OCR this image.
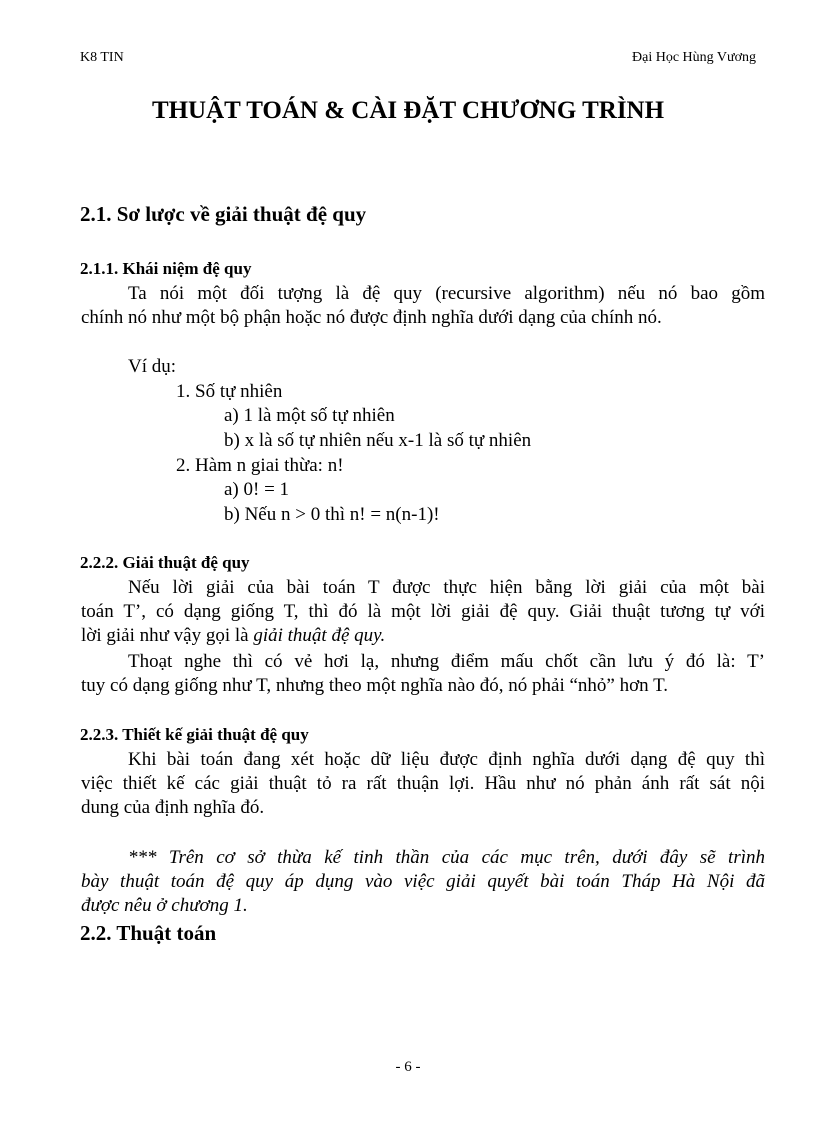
K8 TIN	Đại Học Hùng Vương
THUẬT TOÁN & CÀI ĐẶT CHƯƠNG TRÌNH
2.1. Sơ lược về giải thuật đệ quy
2.1.1. Khái niệm đệ quy
Ta nói một đối tượng là đệ quy (recursive algorithm) nếu nó bao gồm
chính nó như một bộ phận hoặc nó được định nghĩa dưới dạng của chính nó.
Ví dụ:
1. Số tự nhiên
a) 1 là một số tự nhiên
b) x là số tự nhiên nếu x-1 là số tự nhiên
2. Hàm n giai thừa: n!
a) 0! = 1
b) Nếu n > 0 thì n! = n(n-1)!
2.2.2. Giải thuật đệ quy
Nếu lời giải của bài toán T được thực hiện bằng lời giải của một bài
toán T’, có dạng giống T, thì đó là một lời giải đệ quy. Giải thuật tương tự với
lời giải như vậy gọi là giải thuật đệ quy.
Thoạt nghe thì có vẻ hơi lạ, nhưng điểm mấu chốt cần lưu ý đó là: T’
tuy có dạng giống như T, nhưng theo một nghĩa nào đó, nó phải “nhỏ” hơn T.
2.2.3. Thiết kế giải thuật đệ quy
Khi bài toán đang xét hoặc dữ liệu được định nghĩa dưới dạng đệ quy thì
việc thiết kế các giải thuật tỏ ra rất thuận lợi. Hầu như nó phản ánh rất sát nội
dung của định nghĩa đó.
*** Trên cơ sở thừa kế tinh thần của các mục trên, dưới đây sẽ trình
bày thuật toán đệ quy áp dụng vào việc giải quyết bài toán Tháp Hà Nội đã
được nêu ở chương 1.
2.2. Thuật toán
- 6 -
